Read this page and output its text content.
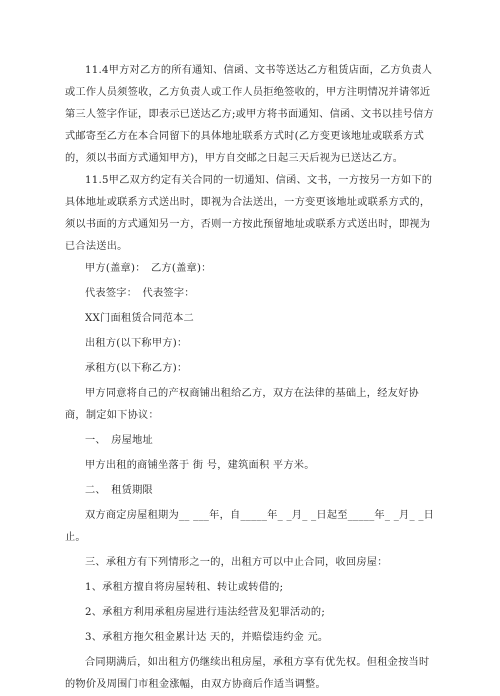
11.4甲方对乙方的所有通知、信函、文书等送达乙方租赁店面，乙方负责人或工作人员须签收，乙方负责人或工作人员拒绝签收的，甲方注明情况并请邻近第三人签字作证，即表示已送达乙方;或甲方将书面通知、信函、文书以挂号信方式邮寄至乙方在本合同留下的具体地址联系方式时(乙方变更该地址或联系方式的，须以书面方式通知甲方)，甲方自交邮之日起三天后视为已送达乙方。

11.5甲乙双方约定有关合同的一切通知、信函、文书，一方按另一方如下的具体地址或联系方式送出时，即视为合法送出，一方变更该地址或联系方式的，须以书面的方式通知另一方，否则一方按此预留地址或联系方式送出时，即视为已合法送出。

甲方(盖章)：　乙方(盖章)：

代表签字：　代表签字：

XX门面租赁合同范本二

出租方(以下称甲方)：

承租方(以下称乙方)：

甲方同意将自己的产权商铺出租给乙方，双方在法律的基础上，经友好协商，制定如下协议：

一、　房屋地址

甲方出租的商铺坐落于 街 号，建筑面积 平方米。

二、　租赁期限

双方商定房屋租期为__ ___年，自_____年_ _月_ _日起至_____年_ _月_ _日止。

三、承租方有下列情形之一的，出租方可以中止合同，收回房屋：

1、承租方擅自将房屋转租、转让或转借的;

2、承租方利用承租房屋进行违法经营及犯罪活动的;

3、承租方拖欠租金累计达 天的，并赔偿违约金 元。

合同期满后，如出租方仍继续出租房屋，承租方享有优先权。但租金按当时的物价及周围门市租金涨幅，由双方协商后作适当调整。
